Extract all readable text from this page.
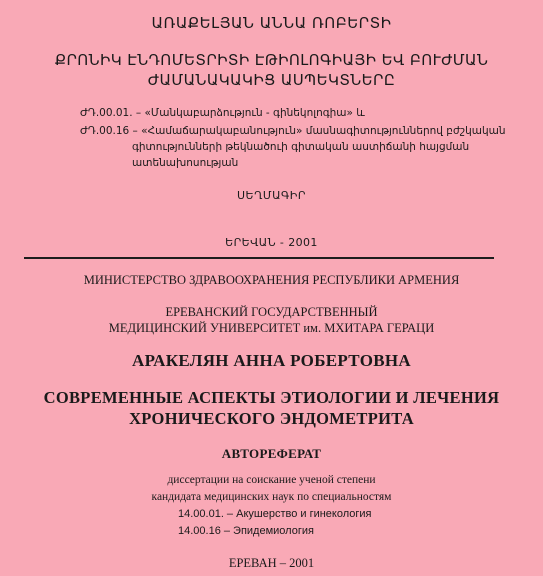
ԱՌԱՔԵԼՅԱՆ ԱՆՆԱ ՌՈԲԵՐՏԻ
ՔՐՈՆԻԿ ԷՆԴՈՄԵՏՐԻՏԻ ԷԹԻՈԼՈԳԻԱՅԻ ԵՎ ԲՈՒԺՄԱՆ
ԺԱՄԱՆԱԿԱԿԻՑ ԱՍՊԵԿՏՆԵՐԸ
ԺԴ.00.01. – «Մանկաբարձություն - գինեկոլոգիա» և
ԺԴ.00.16 – «Համաճարակաբանություն» մասնագիտություններով բժշկական
գիտությունների թեկնածուի գիտական աստիճանի հայցման
ատենախոսության
ՍԵՂՄԱԳԻՐ
ԵՐԵՎԱՆ - 2001
МИНИСТЕРСТВО ЗДРАВООХРАНЕНИЯ РЕСПУБЛИКИ АРМЕНИЯ
ЕРЕВАНСКИЙ ГОСУДАРСТВЕННЫЙ
МЕДИЦИНСКИЙ УНИВЕРСИТЕТ им. МХИТАРА ГЕРАЦИ
АРАКЕЛЯН АННА РОБЕРТОВНА
СОВРЕМЕННЫЕ АСПЕКТЫ ЭТИОЛОГИИ И ЛЕЧЕНИЯ
ХРОНИЧЕСКОГО ЭНДОМЕТРИТА
АВТОРЕФЕРАТ
диссертации на соискание ученой степени
кандидата медицинских наук по специальностям
14.00.01. – Акушерство и гинекология
14.00.16 – Эпидемиология
ЕРЕВАН – 2001
